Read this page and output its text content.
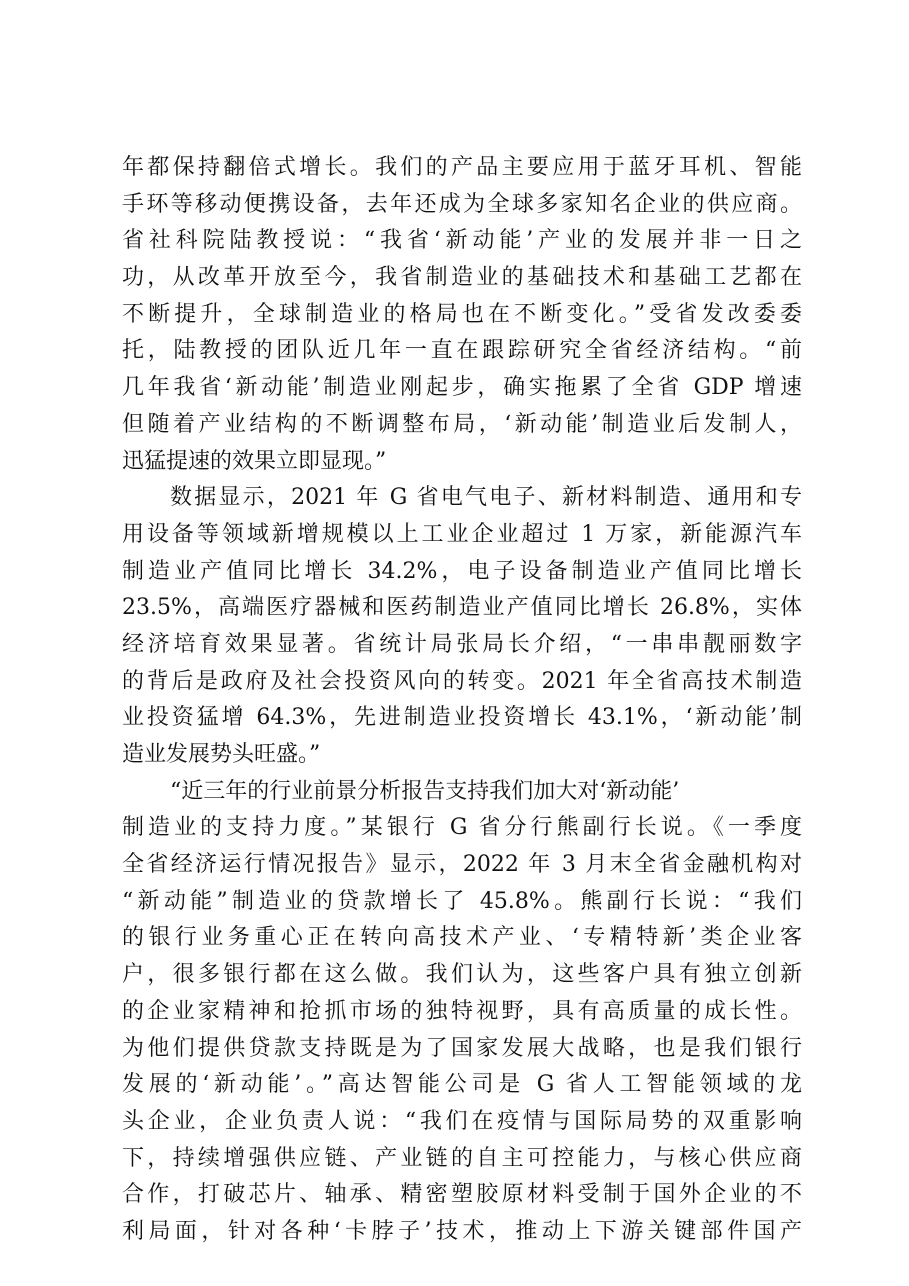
年都保持翻倍式增长。我们的产品主要应用于蓝牙耳机、智能
手环等移动便携设备，去年还成为全球多家知名企业的供应商。
省社科院陆教授说：“我省‘新动能’产业的发展并非一日之
功，从改革开放至今，我省制造业的基础技术和基础工艺都在
不断提升，全球制造业的格局也在不断变化。”受省发改委委
托，陆教授的团队近几年一直在跟踪研究全省经济结构。“前
几年我省‘新动能’制造业刚起步，确实拖累了全省 GDP 增速
但随着产业结构的不断调整布局，‘新动能’制造业后发制人，
迅猛提速的效果立即显现。”
数据显示，2021 年 G 省电气电子、新材料制造、通用和专
用设备等领域新增规模以上工业企业超过 1 万家，新能源汽车
制造业产值同比增长 34.2%，电子设备制造业产值同比增长
23.5%，高端医疗器械和医药制造业产值同比增长 26.8%，实体
经济培育效果显著。省统计局张局长介绍，“一串串靓丽数字
的背后是政府及社会投资风向的转变。2021 年全省高技术制造
业投资猛增 64.3%，先进制造业投资增长 43.1%，‘新动能’制
造业发展势头旺盛。”
“近三年的行业前景分析报告支持我们加大对‘新动能’
制造业的支持力度。”某银行 G 省分行熊副行长说。《一季度
全省经济运行情况报告》显示，2022 年 3 月末全省金融机构对
“新动能”制造业的贷款增长了 45.8%。熊副行长说：“我们
的银行业务重心正在转向高技术产业、‘专精特新’类企业客
户，很多银行都在这么做。我们认为，这些客户具有独立创新
的企业家精神和抢抓市场的独特视野，具有高质量的成长性。
为他们提供贷款支持既是为了国家发展大战略，也是我们银行
发展的‘新动能’。”高达智能公司是 G 省人工智能领域的龙
头企业，企业负责人说：“我们在疫情与国际局势的双重影响
下，持续增强供应链、产业链的自主可控能力，与核心供应商
合作，打破芯片、轴承、精密塑胶原材料受制于国外企业的不
利局面，针对各种‘卡脖子’技术，推动上下游关键部件国产
